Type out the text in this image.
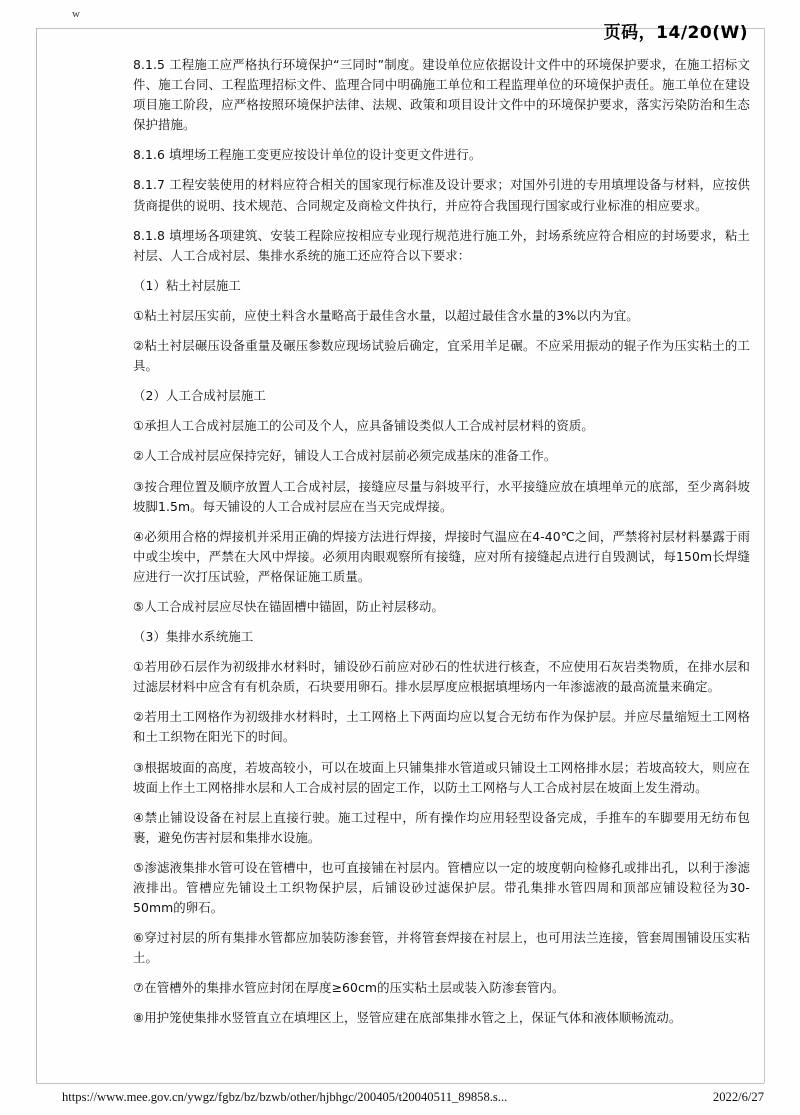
w
页码，14/20(W)

8.1.5 工程施工应严格执行环境保护“三同时”制度。建设单位应依据设计文件中的环境保护要求，在施工招标文件、施工台同、工程监理招标文件、监理合同中明确施工单位和工程监理单位的环境保护责任。施工单位在建设项目施工阶段，应严格按照环境保护法律、法规、政策和项目设计文件中的环境保护要求，落实污染防治和生态保护措施。

8.1.6 填埋场工程施工变更应按设计单位的设计变更文件进行。

8.1.7 工程安装使用的材料应符合相关的国家现行标准及设计要求；对国外引进的专用填埋设备与材料，应按供货商提供的说明、技术规范、合同规定及商检文件执行，并应符合我国现行国家或行业标准的相应要求。

8.1.8 填埋场各项建筑、安装工程除应按相应专业现行规范进行施工外，封场系统应符合相应的封场要求，粘土衬层、人工合成衬层、集排水系统的施工还应符合以下要求：

（1）粘土衬层施工

①粘土衬层压实前，应使土料含水量略高于最佳含水量，以超过最佳含水量的3%以内为宜。

②粘土衬层碾压设备重量及碾压参数应现场试验后确定，宜采用羊足碾。不应采用振动的辊子作为压实粘土的工具。

（2）人工合成衬层施工

①承担人工合成衬层施工的公司及个人，应具备铺设类似人工合成衬层材料的资质。

②人工合成衬层应保持完好，铺设人工合成衬层前必须完成基床的准备工作。

③按合理位置及顺序放置人工合成衬层，接缝应尽量与斜坡平行，水平接缝应放在填埋单元的底部，至少离斜坡坡脚1.5m。每天铺设的人工合成衬层应在当天完成焊接。

④必须用合格的焊接机并采用正确的焊接方法进行焊接，焊接时气温应在4-40℃之间，严禁将衬层材料暴露于雨中或尘埃中，严禁在大风中焊接。必须用肉眼观察所有接缝，应对所有接缝起点进行自毁测试，每150m长焊缝应进行一次打压试验，严格保证施工质量。

⑤人工合成衬层应尽快在锚固槽中锚固，防止衬层移动。

（3）集排水系统施工

①若用砂石层作为初级排水材料时，铺设砂石前应对砂石的性状进行核查，不应使用石灰岩类物质，在排水层和过滤层材料中应含有有机杂质，石块要用卵石。排水层厚度应根据填埋场内一年渗滤液的最高流量来确定。

②若用土工网格作为初级排水材料时，土工网格上下两面均应以复合无纺布作为保护层。并应尽量缩短土工网格和土工织物在阳光下的时间。

③根据坡面的高度，若坡高较小，可以在坡面上只铺集排水管道或只铺设土工网格排水层；若坡高较大，则应在坡面上作土工网格排水层和人工合成衬层的固定工作，以防土工网格与人工合成衬层在坡面上发生滑动。

④禁止铺设设备在衬层上直接行驶。施工过程中，所有操作均应用轻型设备完成，手推车的车脚要用无纺布包裹，避免伤害衬层和集排水设施。

⑤渗滤液集排水管可设在管槽中，也可直接铺在衬层内。管槽应以一定的坡度朝向检修孔或排出孔，以利于渗滤液排出。管槽应先铺设土工织物保护层，后铺设砂过滤保护层。带孔集排水管四周和顶部应铺设粒径为30-50mm的卵石。

⑥穿过衬层的所有集排水管都应加装防渗套管，并将管套焊接在衬层上，也可用法兰连接，管套周围铺设压实粘土。

⑦在管槽外的集排水管应封闭在厚度≥60cm的压实粘土层或装入防渗套管内。

⑧用护笼使集排水竖管直立在填埋区上，竖管应建在底部集排水管之上，保证气体和液体顺畅流动。

https://www.mee.gov.cn/ywgz/fgbz/bz/bzwb/other/hjbhgc/200405/t20040511_89858.s...	2022/6/27
